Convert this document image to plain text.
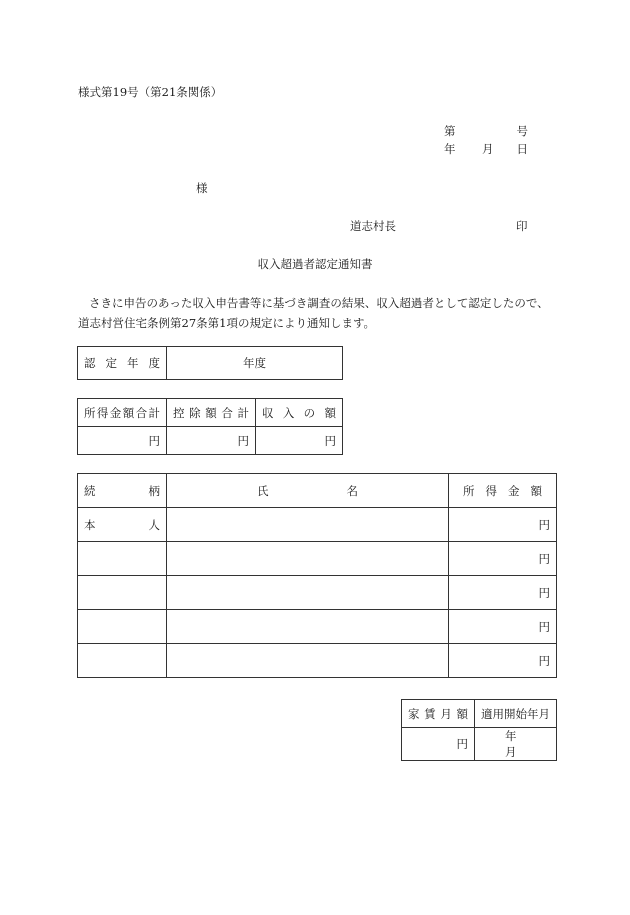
様式第19号（第21条関係）
第	号
年 月 日
様
道志村長	印
収入超過者認定通知書
さきに申告のあった収入申告書等に基づき調査の結果、収入超過者として認定したので、道志村営住宅条例第27条第1項の規定により通知します。
認 定 年 度	年度
所得金額合計	控 除 額 合 計	収 入 の 額

円	円	円
続 柄	氏 名	所 得 金 額

本 人		円
		円
		円
		円
		円
家 賃 月 額	適用開始年月

円	年月
